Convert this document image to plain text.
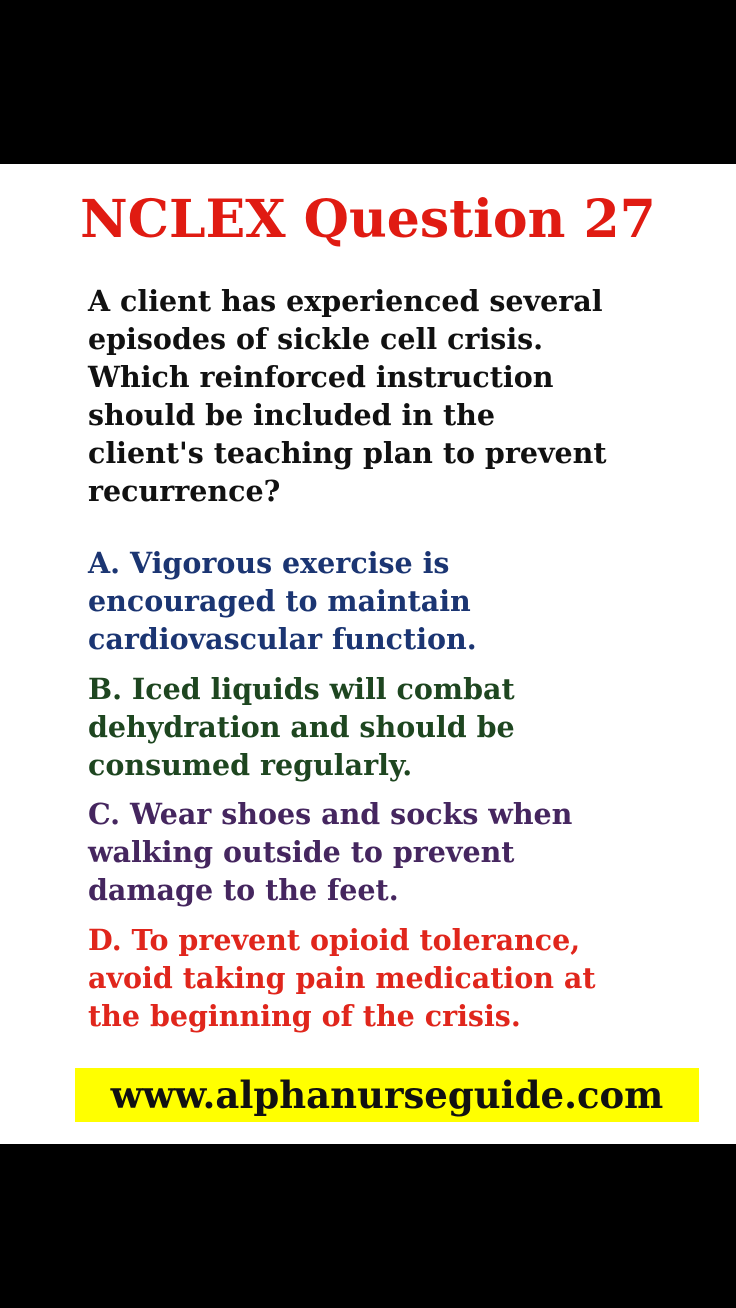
NCLEX Question 27
A client has experienced several
episodes of sickle cell crisis.
Which reinforced instruction
should be included in the
client's teaching plan to prevent
recurrence?
A. Vigorous exercise is
encouraged to maintain
cardiovascular function.
B. Iced liquids will combat
dehydration and should be
consumed regularly.
C. Wear shoes and socks when
walking outside to prevent
damage to the feet.
D. To prevent opioid tolerance,
avoid taking pain medication at
the beginning of the crisis.
www.alphanurseguide.com
